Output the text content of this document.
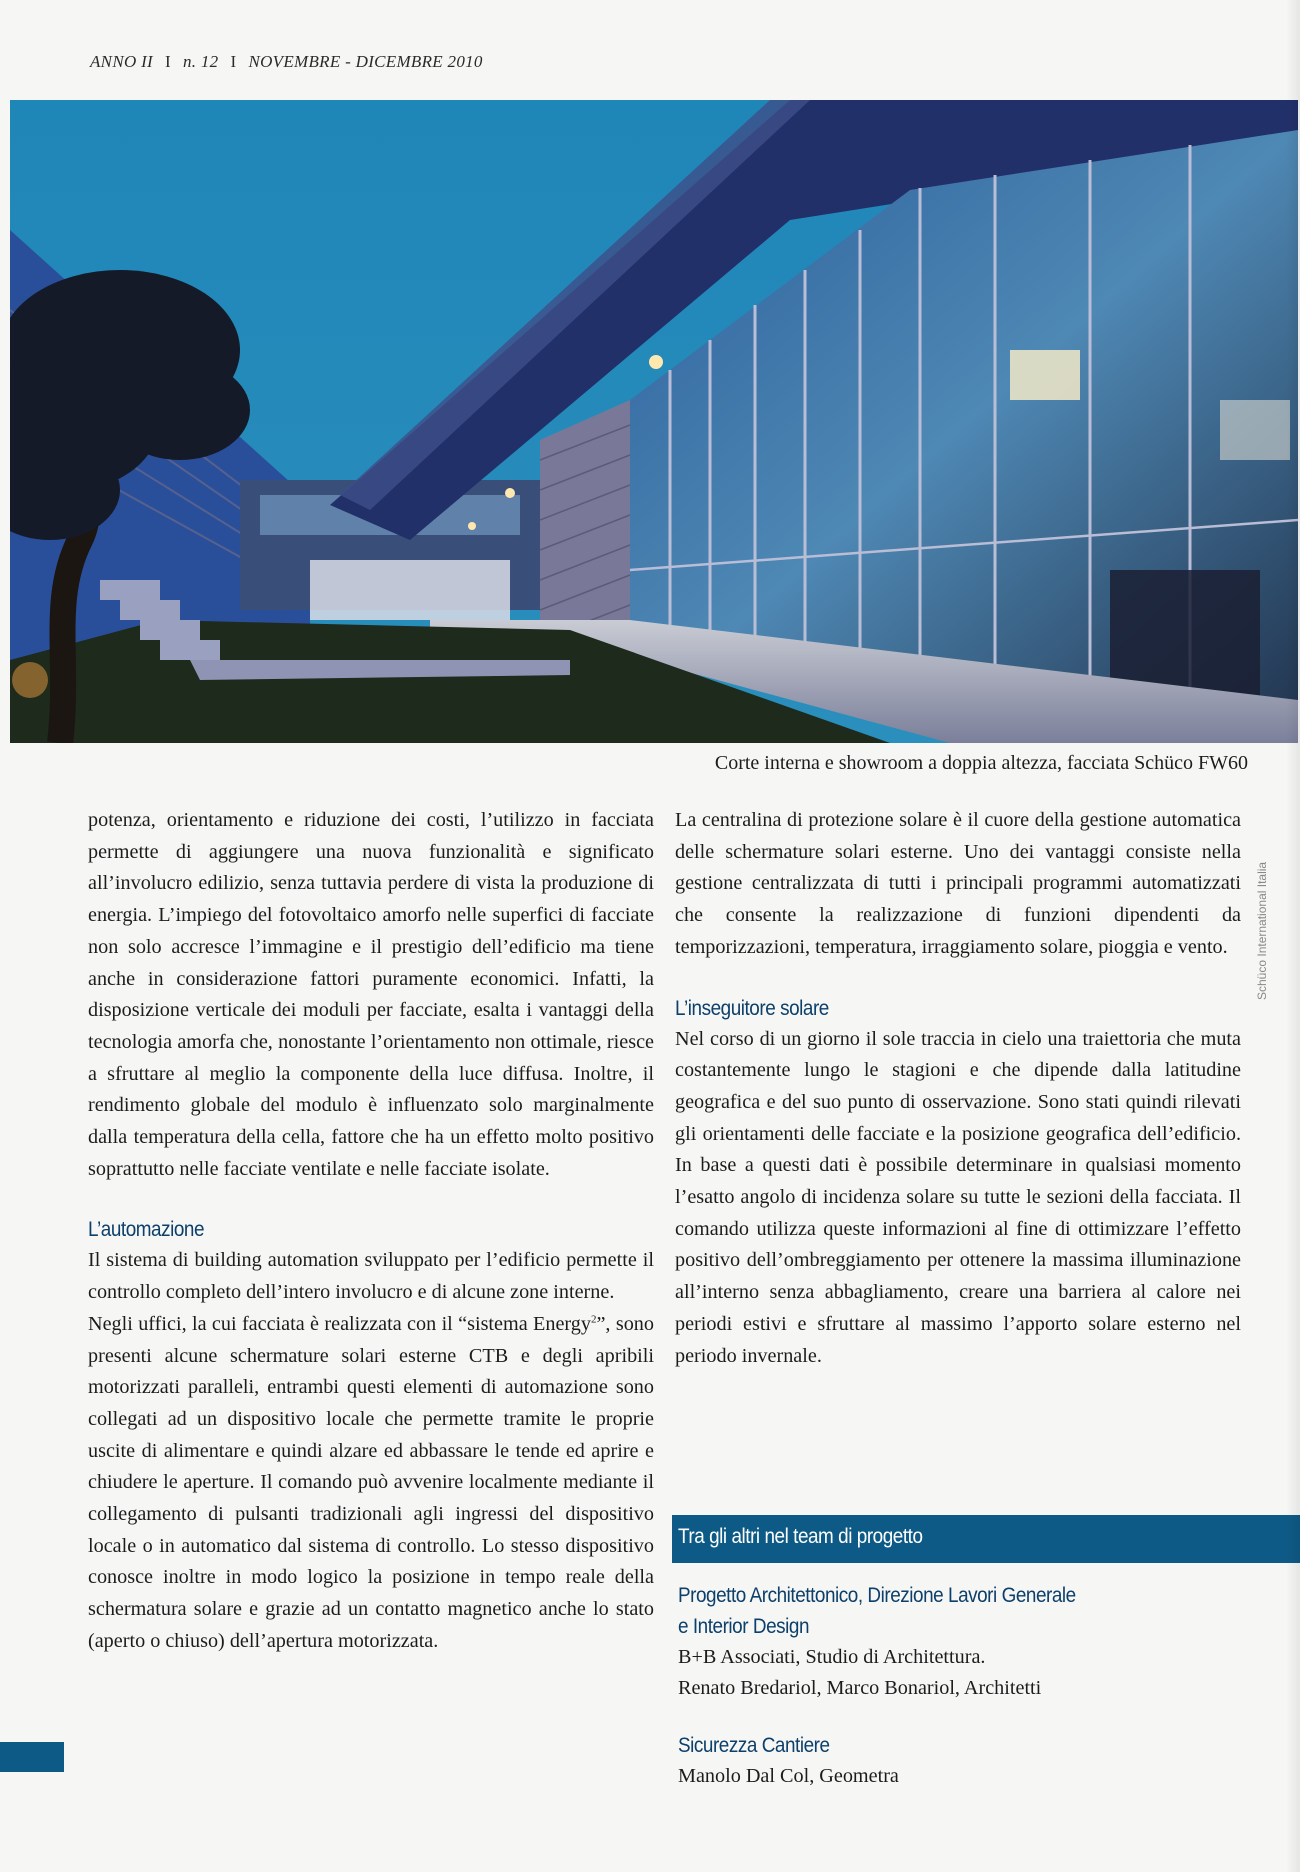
ANNO II I n. 12 I NOVEMBRE - DICEMBRE 2010
Corte interna e showroom a doppia altezza, facciata Schüco FW60
Schüco International Italia

potenza, orientamento e riduzione dei costi, l’utilizzo in facciata permette di aggiungere una nuova funzionalità e significato all’involucro edilizio, senza tuttavia perdere di vista la produzione di energia. L’impiego del fotovoltaico amorfo nelle superfici di facciate non solo accresce l’immagine e il prestigio dell’edificio ma tiene anche in considerazione fattori puramente economici. Infatti, la disposizione verticale dei moduli per facciate, esalta i vantaggi della tecnologia amorfa che, nonostante l’orientamento non ottimale, riesce a sfruttare al meglio la componente della luce diffusa. Inoltre, il rendimento globale del modulo è influenzato solo marginalmente dalla temperatura della cella, fattore che ha un effetto molto positivo soprattutto nelle facciate ventilate e nelle facciate isolate.

L’automazione

Il sistema di building automation sviluppato per l’edificio permette il controllo completo dell’intero involucro e di alcune zone interne.

Negli uffici, la cui facciata è realizzata con il “sistema Energy$^2$”, sono presenti alcune schermature solari esterne CTB e degli apribili motorizzati paralleli, entrambi questi elementi di automazione sono collegati ad un dispositivo locale che permette tramite le proprie uscite di alimentare e quindi alzare ed abbassare le tende ed aprire e chiudere le aperture. Il comando può avvenire localmente mediante il collegamento di pulsanti tradizionali agli ingressi del dispositivo locale o in automatico dal sistema di controllo. Lo stesso dispositivo conosce inoltre in modo logico la posizione in tempo reale della schermatura solare e grazie ad un contatto magnetico anche lo stato (aperto o chiuso) dell’apertura motorizzata.

La centralina di protezione solare è il cuore della gestione automatica delle schermature solari esterne. Uno dei vantaggi consiste nella gestione centralizzata di tutti i principali programmi automatizzati che consente la realizzazione di funzioni dipendenti da temporizzazioni, temperatura, irraggiamento solare, pioggia e vento.

L’inseguitore solare

Nel corso di un giorno il sole traccia in cielo una traiettoria che muta costantemente lungo le stagioni e che dipende dalla latitudine geografica e del suo punto di osservazione. Sono stati quindi rilevati gli orientamenti delle facciate e la posizione geografica dell’edificio. In base a questi dati è possibile determinare in qualsiasi momento l’esatto angolo di incidenza solare su tutte le sezioni della facciata. Il comando utilizza queste informazioni al fine di ottimizzare l’effetto positivo dell’ombreggiamento per ottenere la massima illuminazione all’interno senza abbagliamento, creare una barriera al calore nei periodi estivi e sfruttare al massimo l’apporto solare esterno nel periodo invernale.

Tra gli altri nel team di progetto
Progetto Architettonico, Direzione Lavori Generale
e Interior Design
B+B Associati, Studio di Architettura.
Renato Bredariol, Marco Bonariol, Architetti
Sicurezza Cantiere
Manolo Dal Col, Geometra
